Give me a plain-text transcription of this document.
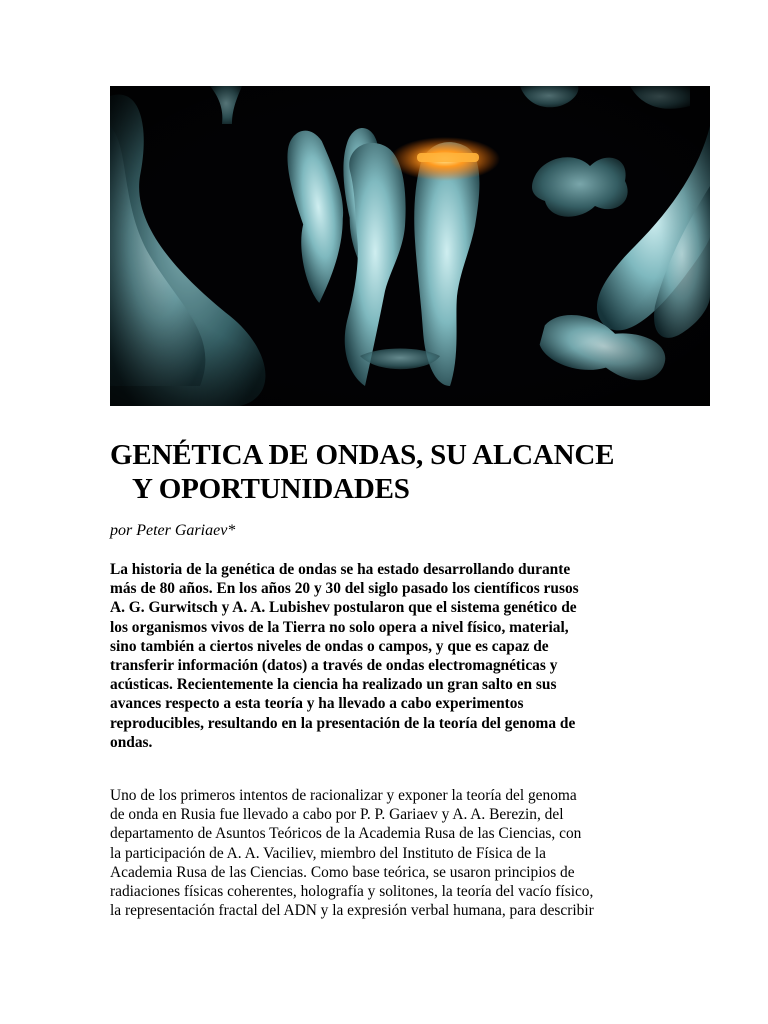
GENÉTICA DE ONDAS, SU ALCANCE
Y OPORTUNIDADES

por Peter Gariaev*

La historia de la genética de ondas se ha estado desarrollando durante
más de 80 años. En los años 20 y 30 del siglo pasado los científicos rusos
A. G. Gurwitsch y A. A. Lubishev postularon que el sistema genético de
los organismos vivos de la Tierra no solo opera a nivel físico, material,
sino también a ciertos niveles de ondas o campos, y que es capaz de
transferir información (datos) a través de ondas electromagnéticas y
acústicas. Recientemente la ciencia ha realizado un gran salto en sus
avances respecto a esta teoría y ha llevado a cabo experimentos
reproducibles, resultando en la presentación de la teoría del genoma de
ondas.

Uno de los primeros intentos de racionalizar y exponer la teoría del genoma
de onda en Rusia fue llevado a cabo por P. P. Gariaev y A. A. Berezin, del
departamento de Asuntos Teóricos de la Academia Rusa de las Ciencias, con
la participación de A. A. Vaciliev, miembro del Instituto de Física de la
Academia Rusa de las Ciencias. Como base teórica, se usaron principios de
radiaciones físicas coherentes, holografía y solitones, la teoría del vacío físico,
la representación fractal del ADN y la expresión verbal humana, para describir
